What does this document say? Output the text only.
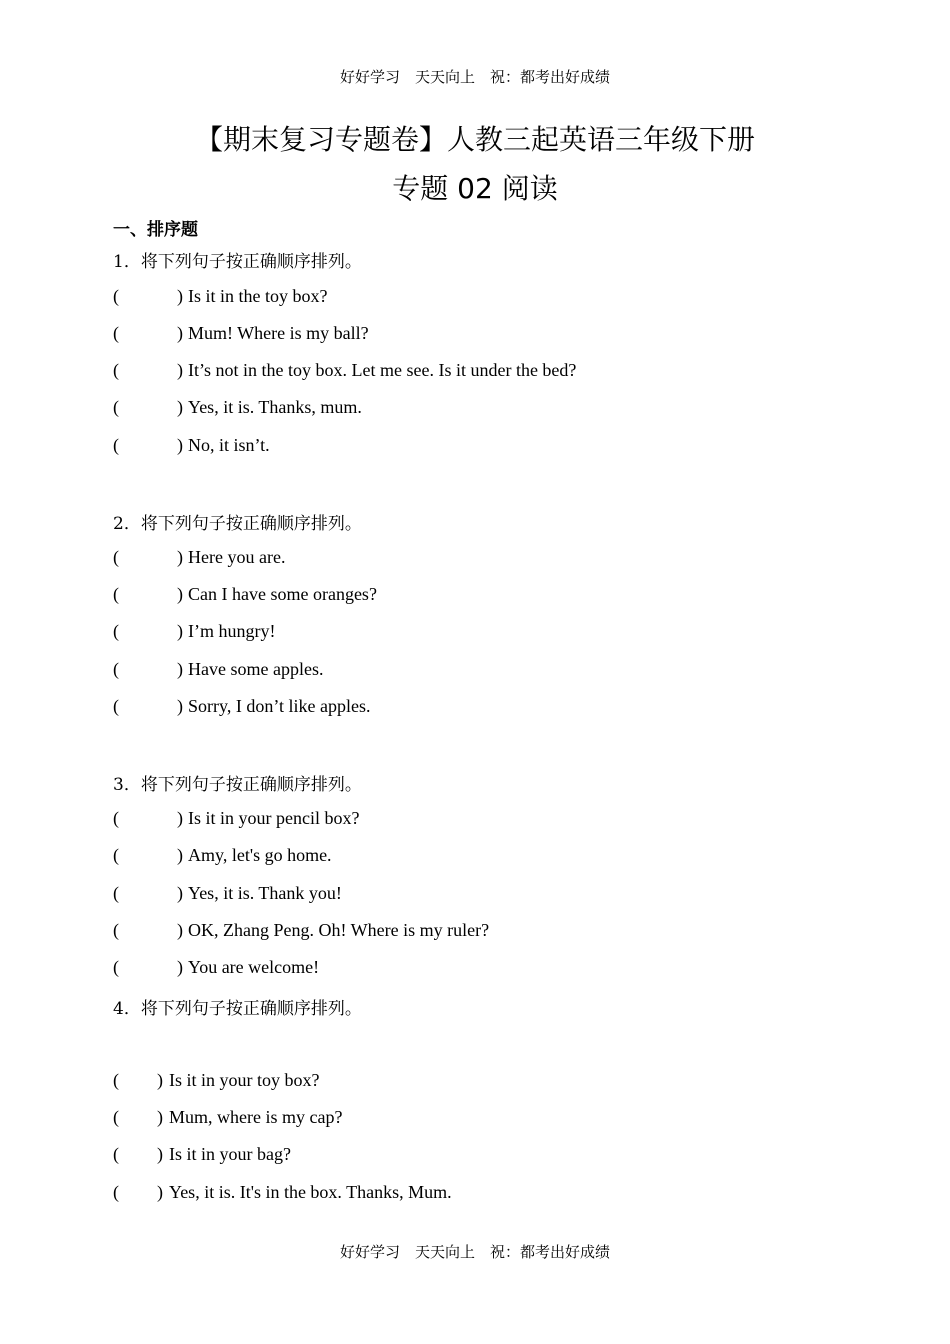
好好学习　天天向上　祝：都考出好成绩
【期末复习专题卷】人教三起英语三年级下册
专题 02 阅读
一、排序题
1．将下列句子按正确顺序排列。

(	)

Is it in the toy box?

(	)

Mum! Where is my ball?

(	)

It’s not in the toy box. Let me see. Is it under the bed?

(	)

Yes, it is. Thanks, mum.

(	)

No, it isn’t.

2．将下列句子按正确顺序排列。

(	)

Here you are.

(	)

Can I have some oranges?

(	)

I’m hungry!

(	)

Have some apples.

(	)

Sorry, I don’t like apples.

3．将下列句子按正确顺序排列。

(	)

Is it in your pencil box?

(	)

Amy, let's go home.

(	)

Yes, it is. Thank you!

(	)

OK, Zhang Peng. Oh! Where is my ruler?

(	)

You are welcome!

4．将下列句子按正确顺序排列。

( )

Is it in your toy box?

( )

Mum, where is my cap?

( )

Is it in your bag?

( )

Yes, it is. It's in the box. Thanks, Mum.

好好学习　天天向上　祝：都考出好成绩
